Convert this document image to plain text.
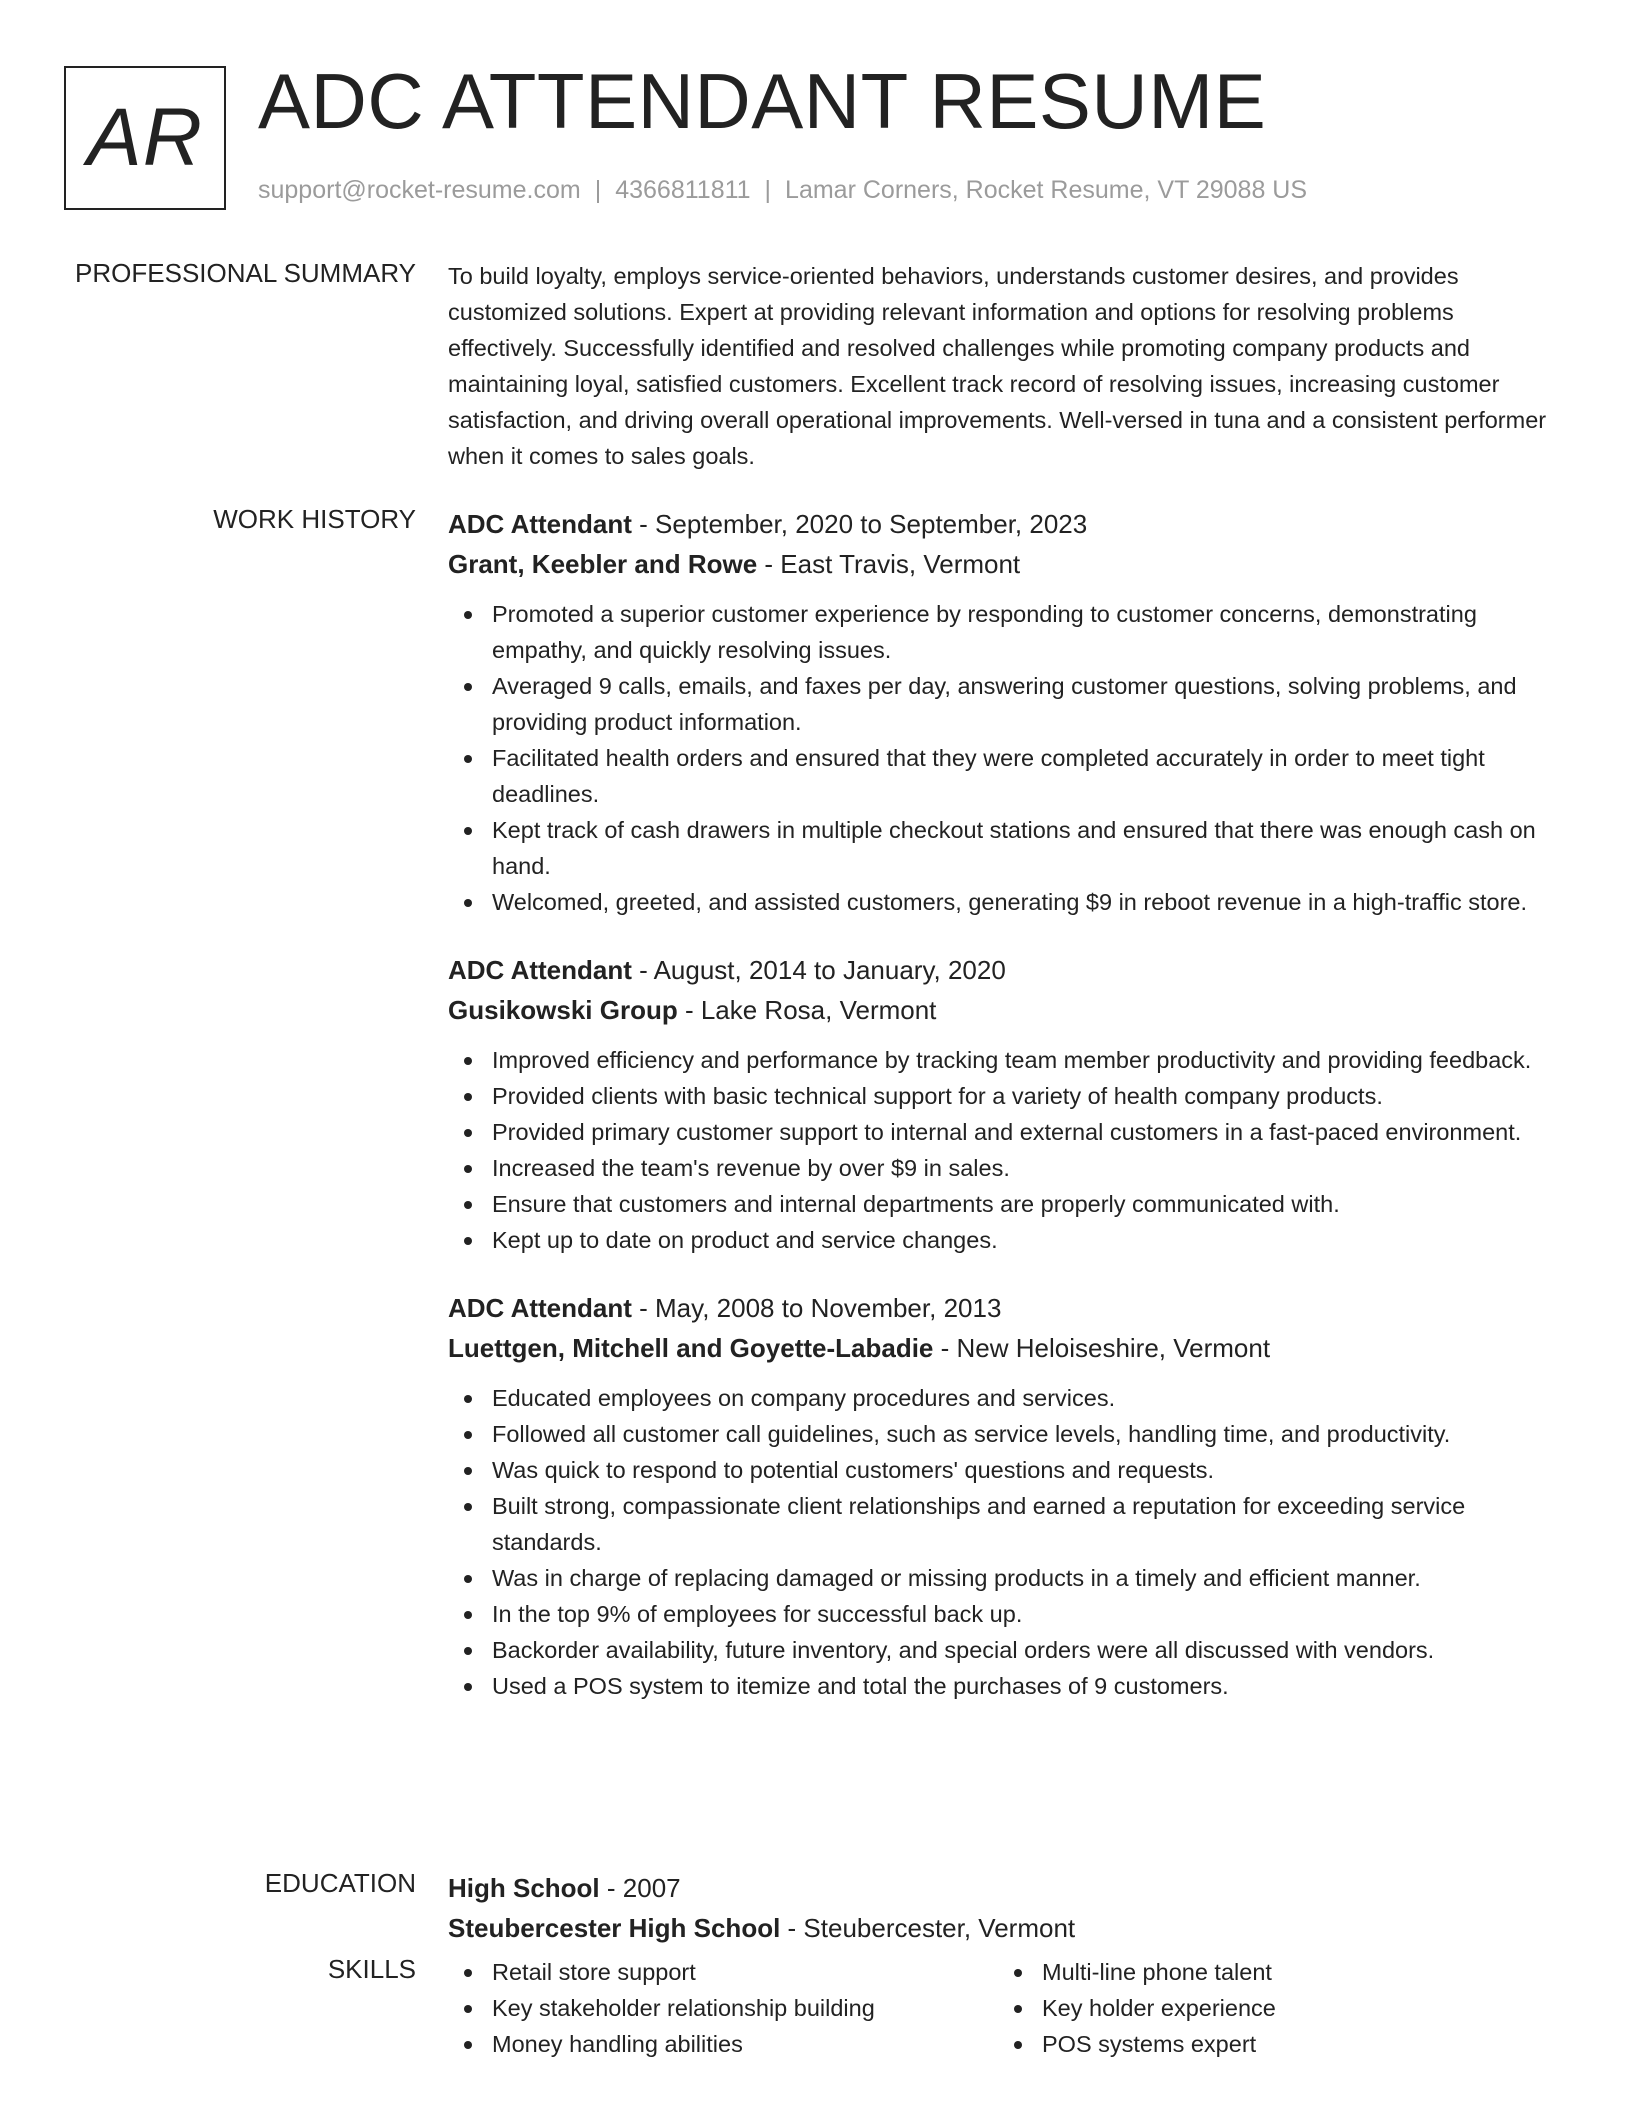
AR ADC ATTENDANT RESUME
support@rocket-resume.com | 4366811811 | Lamar Corners, Rocket Resume, VT 29088 US
PROFESSIONAL SUMMARY To build loyalty, employs service-oriented behaviors, understands customer desires, and provides customized solutions. Expert at providing relevant information and options for resolving problems effectively. Successfully identified and resolved challenges while promoting company products and maintaining loyal, satisfied customers. Excellent track record of resolving issues, increasing customer satisfaction, and driving overall operational improvements. Well-versed in tuna and a consistent performer when it comes to sales goals.

WORK HISTORY ADC Attendant - September, 2020 to September, 2023
Grant, Keebler and Rowe - East Travis, Vermont
Promoted a superior customer experience by responding to customer concerns, demonstrating empathy, and quickly resolving issues.
Averaged 9 calls, emails, and faxes per day, answering customer questions, solving problems, and providing product information.
Facilitated health orders and ensured that they were completed accurately in order to meet tight deadlines.
Kept track of cash drawers in multiple checkout stations and ensured that there was enough cash on hand.
Welcomed, greeted, and assisted customers, generating $9 in reboot revenue in a high-traffic store.
ADC Attendant - August, 2014 to January, 2020
Gusikowski Group - Lake Rosa, Vermont
Improved efficiency and performance by tracking team member productivity and providing feedback.
Provided clients with basic technical support for a variety of health company products.
Provided primary customer support to internal and external customers in a fast-paced environment.
Increased the team's revenue by over $9 in sales.
Ensure that customers and internal departments are properly communicated with.
Kept up to date on product and service changes.
ADC Attendant - May, 2008 to November, 2013
Luettgen, Mitchell and Goyette-Labadie - New Heloiseshire, Vermont
Educated employees on company procedures and services.
Followed all customer call guidelines, such as service levels, handling time, and productivity.
Was quick to respond to potential customers' questions and requests.
Built strong, compassionate client relationships and earned a reputation for exceeding service standards.
Was in charge of replacing damaged or missing products in a timely and efficient manner.
In the top 9% of employees for successful back up.
Backorder availability, future inventory, and special orders were all discussed with vendors.
Used a POS system to itemize and total the purchases of 9 customers.
EDUCATION High School - 2007
Steubercester High School - Steubercester, Vermont
SKILLS	Retail store support	Multi-line phone talent
Key stakeholder relationship building	Key holder experience
Money handling abilities	POS systems expert
